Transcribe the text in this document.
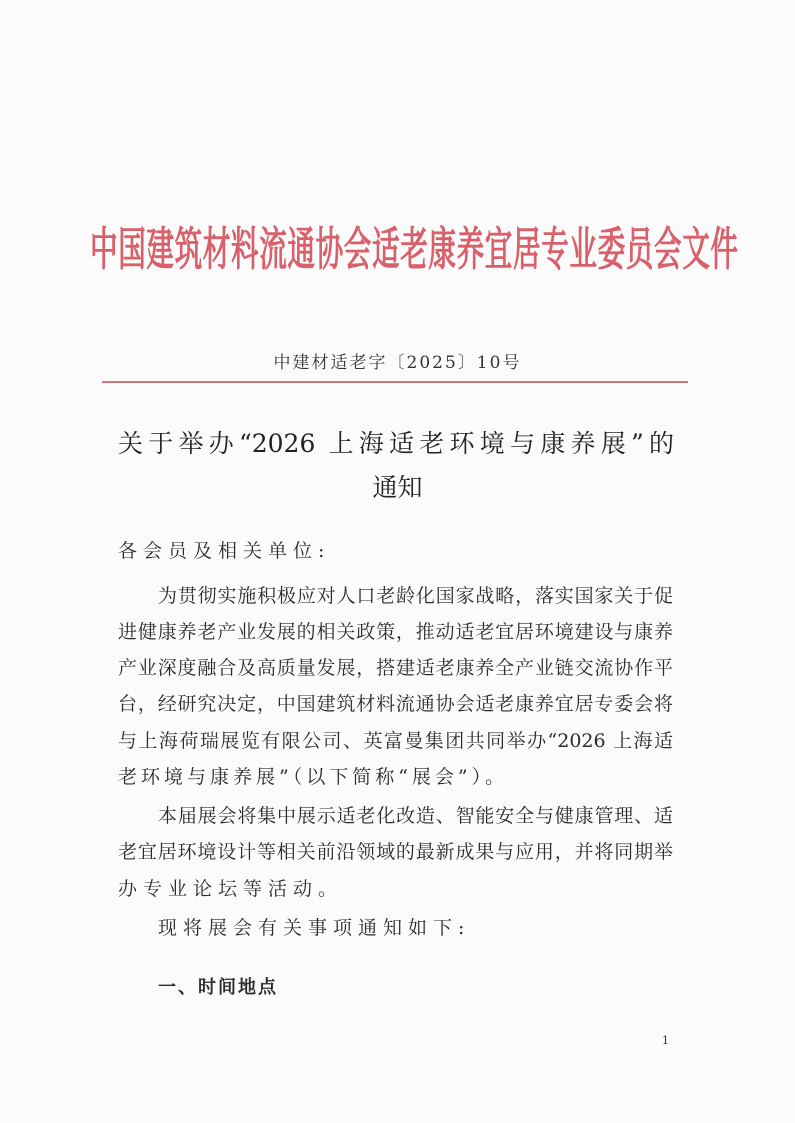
中国建筑材料流通协会适老康养宜居专业委员会文件
中建材适老字〔2025〕10号
关于举办“2026 上海适老环境与康养展”的
通知
各会员及相关单位:
为贯彻实施积极应对人口老龄化国家战略，落实国家关于促
进健康养老产业发展的相关政策，推动适老宜居环境建设与康养
产业深度融合及高质量发展，搭建适老康养全产业链交流协作平
台，经研究决定，中国建筑材料流通协会适老康养宜居专委会将
与上海荷瑞展览有限公司、英富曼集团共同举办“2026 上海适
老环境与康养展”（以下简称“展会”）。
本届展会将集中展示适老化改造、智能安全与健康管理、适
老宜居环境设计等相关前沿领域的最新成果与应用，并将同期举
办专业论坛等活动。
现将展会有关事项通知如下:
一、时间地点
1
